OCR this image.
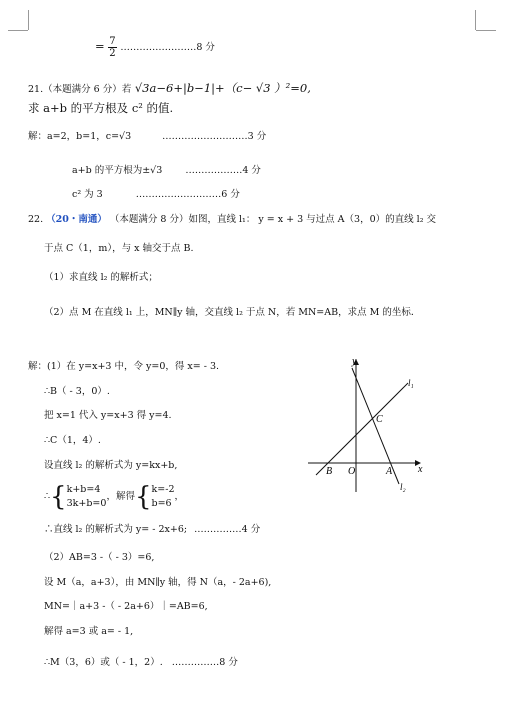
= $\frac{7}{2}$ ……………………8 分
21.（本题满分 6 分）若 √3a−6+|b−1|+（c− √3 ）²=0,
求 a+b 的平方根及 c² 的值.
解：a=2，b=1，c=√3	………………………3 分
a+b 的平方根为±√3 ………………4 分
c² 为 3	………………………6 分
22. （20・南通） （本题满分 8 分）如图，直线 l₁： y = x + 3 与过点 A（3，0）的直线 l₂ 交
于点 C（1，m），与 x 轴交于点 B.
（1）求直线 l₂ 的解析式；
（2）点 M 在直线 l₁ 上，MN∥y 轴，交直线 l₂ 于点 N，若 MN=AB，求点 M 的坐标．
解：(1）在 y=x+3 中，令 y=0，得 x= - 3.
∴B（ - 3，0）.
把 x=1 代入 y=x+3 得 y=4.
∴C（1，4）.
设直线 l₂ 的解析式为 y=kx+b,
∴{k+b=4
3k+b=0，解得{k=-2
b=6，
∴直线 l₂ 的解析式为 y= - 2x+6; ……………4 分
（2）AB=3 -（ - 3）=6,
设 M（a，a+3），由 MN∥y 轴，得 N（a，- 2a+6),
MN=｜a+3 -（ - 2a+6）｜=AB=6,
解得 a=3 或 a= - 1,
∴M（3，6）或（ - 1，2）. ……………8 分
y
x
l₁
l₂
C
B O	A
